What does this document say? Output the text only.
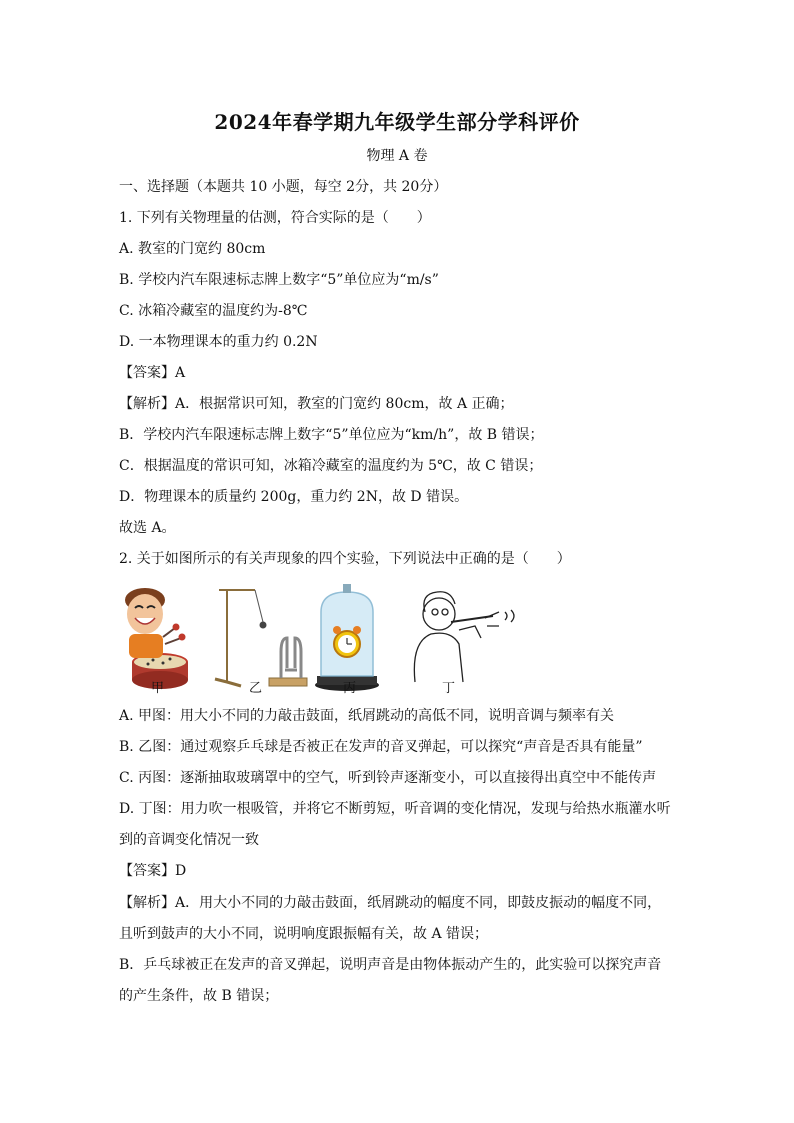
2024年春学期九年级学生部分学科评价
物理 A 卷
一、选择题（本题共 10 小题，每空 2分，共 20分）
1. 下列有关物理量的估测，符合实际的是（　　）
A. 教室的门宽约 80cm
B. 学校内汽车限速标志牌上数字“5”单位应为“m/s”
C. 冰箱冷藏室的温度约为-8℃
D. 一本物理课本的重力约 0.2N
【答案】A
【解析】A．根据常识可知，教室的门宽约 80cm，故 A 正确；
B．学校内汽车限速标志牌上数字“5”单位应为“km/h”，故 B 错误；
C．根据温度的常识可知，冰箱冷藏室的温度约为 5℃，故 C 错误；
D．物理课本的质量约 200g，重力约 2N，故 D 错误。
故选 A。
2. 关于如图所示的有关声现象的四个实验，下列说法中正确的是（　　）
甲	乙	丙	丁
A. 甲图：用大小不同的力敲击鼓面，纸屑跳动的高低不同，说明音调与频率有关
B. 乙图：通过观察乒乓球是否被正在发声的音叉弹起，可以探究“声音是否具有能量”
C. 丙图：逐渐抽取玻璃罩中的空气，听到铃声逐渐变小，可以直接得出真空中不能传声
D. 丁图：用力吹一根吸管，并将它不断剪短，听音调的变化情况，发现与给热水瓶灌水听
到的音调变化情况一致
【答案】D
【解析】A．用大小不同的力敲击鼓面，纸屑跳动的幅度不同，即鼓皮振动的幅度不同，
且听到鼓声的大小不同，说明响度跟振幅有关，故 A 错误；
B．乒乓球被正在发声的音叉弹起，说明声音是由物体振动产生的，此实验可以探究声音
的产生条件，故 B 错误；
